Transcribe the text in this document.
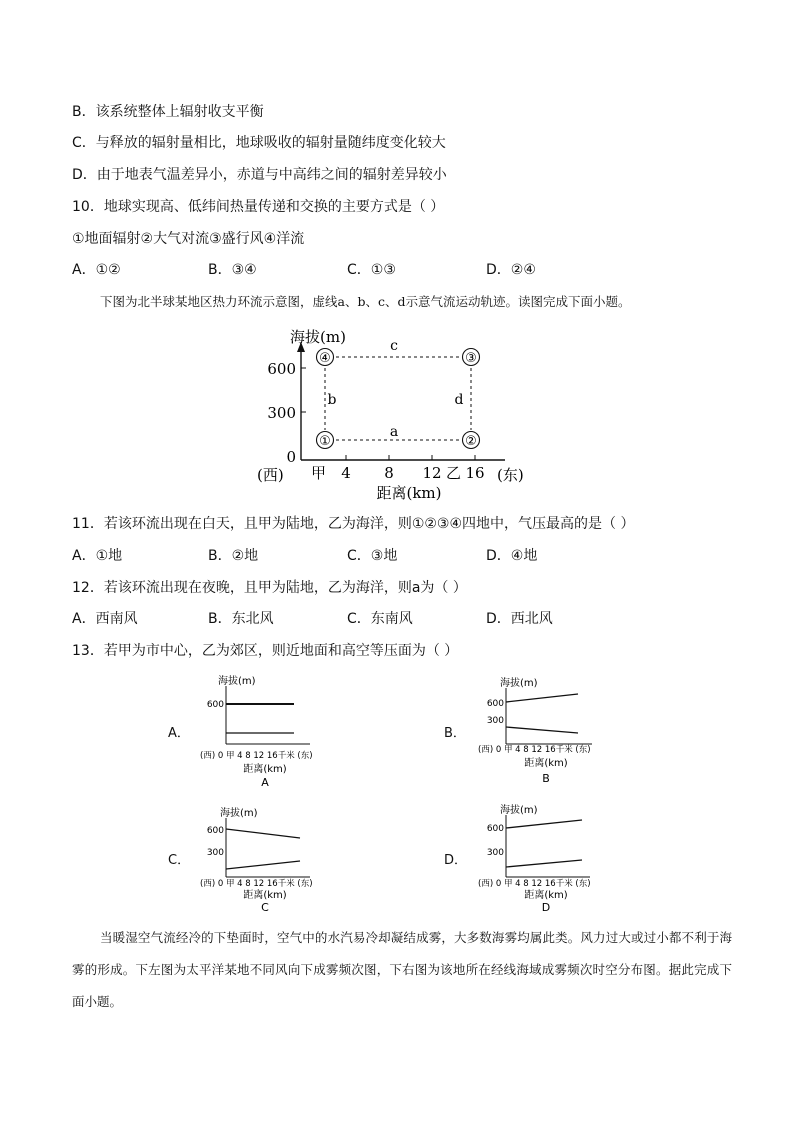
B．该系统整体上辐射收支平衡
C．与释放的辐射量相比，地球吸收的辐射量随纬度变化较大
D．由于地表气温差异小，赤道与中高纬之间的辐射差异较小
10．地球实现高、低纬间热量传递和交换的主要方式是（ ）
①地面辐射②大气对流③盛行风④洋流
A．①②	B．③④	C．①③	D．②④
下图为北半球某地区热力环流示意图，虚线a、b、c、d示意气流运动轨迹。读图完成下面小题。
④	③
①	②
c
a
b	d
海拔(m)
600
300
0
(西) 甲 4 8 12 乙 16 (东)
距离(km)
11．若该环流出现在白天，且甲为陆地，乙为海洋，则①②③④四地中，气压最高的是（ ）
A．①地	B．②地	C．③地	D．④地
12．若该环流出现在夜晚，且甲为陆地，乙为海洋，则a为（ ）
A．西南风	B．东北风	C．东南风	D．西北风
13．若甲为市中心，乙为郊区，则近地面和高空等压面为（ ）
A．	B．
C．	D．
海拔(m)
600
(西) 0 甲 4 8 12 16千米 (东)
距离(km)
A
海拔(m)
600
300
(西) 0 甲 4 8 12 16千米 (东)
距离(km)
B
海拔(m)
600
300
(西) 0 甲 4 8 12 16千米 (东)
距离(km)
C
海拔(m)
600
300
(西) 0 甲 4 8 12 16千米 (东)
距离(km)
D
当暖湿空气流经冷的下垫面时，空气中的水汽易冷却凝结成雾，大多数海雾均属此类。风力过大或过小都不利于海雾的形成。下左图为太平洋某地不同风向下成雾频次图，下右图为该地所在经线海域成雾频次时空分布图。据此完成下面小题。
